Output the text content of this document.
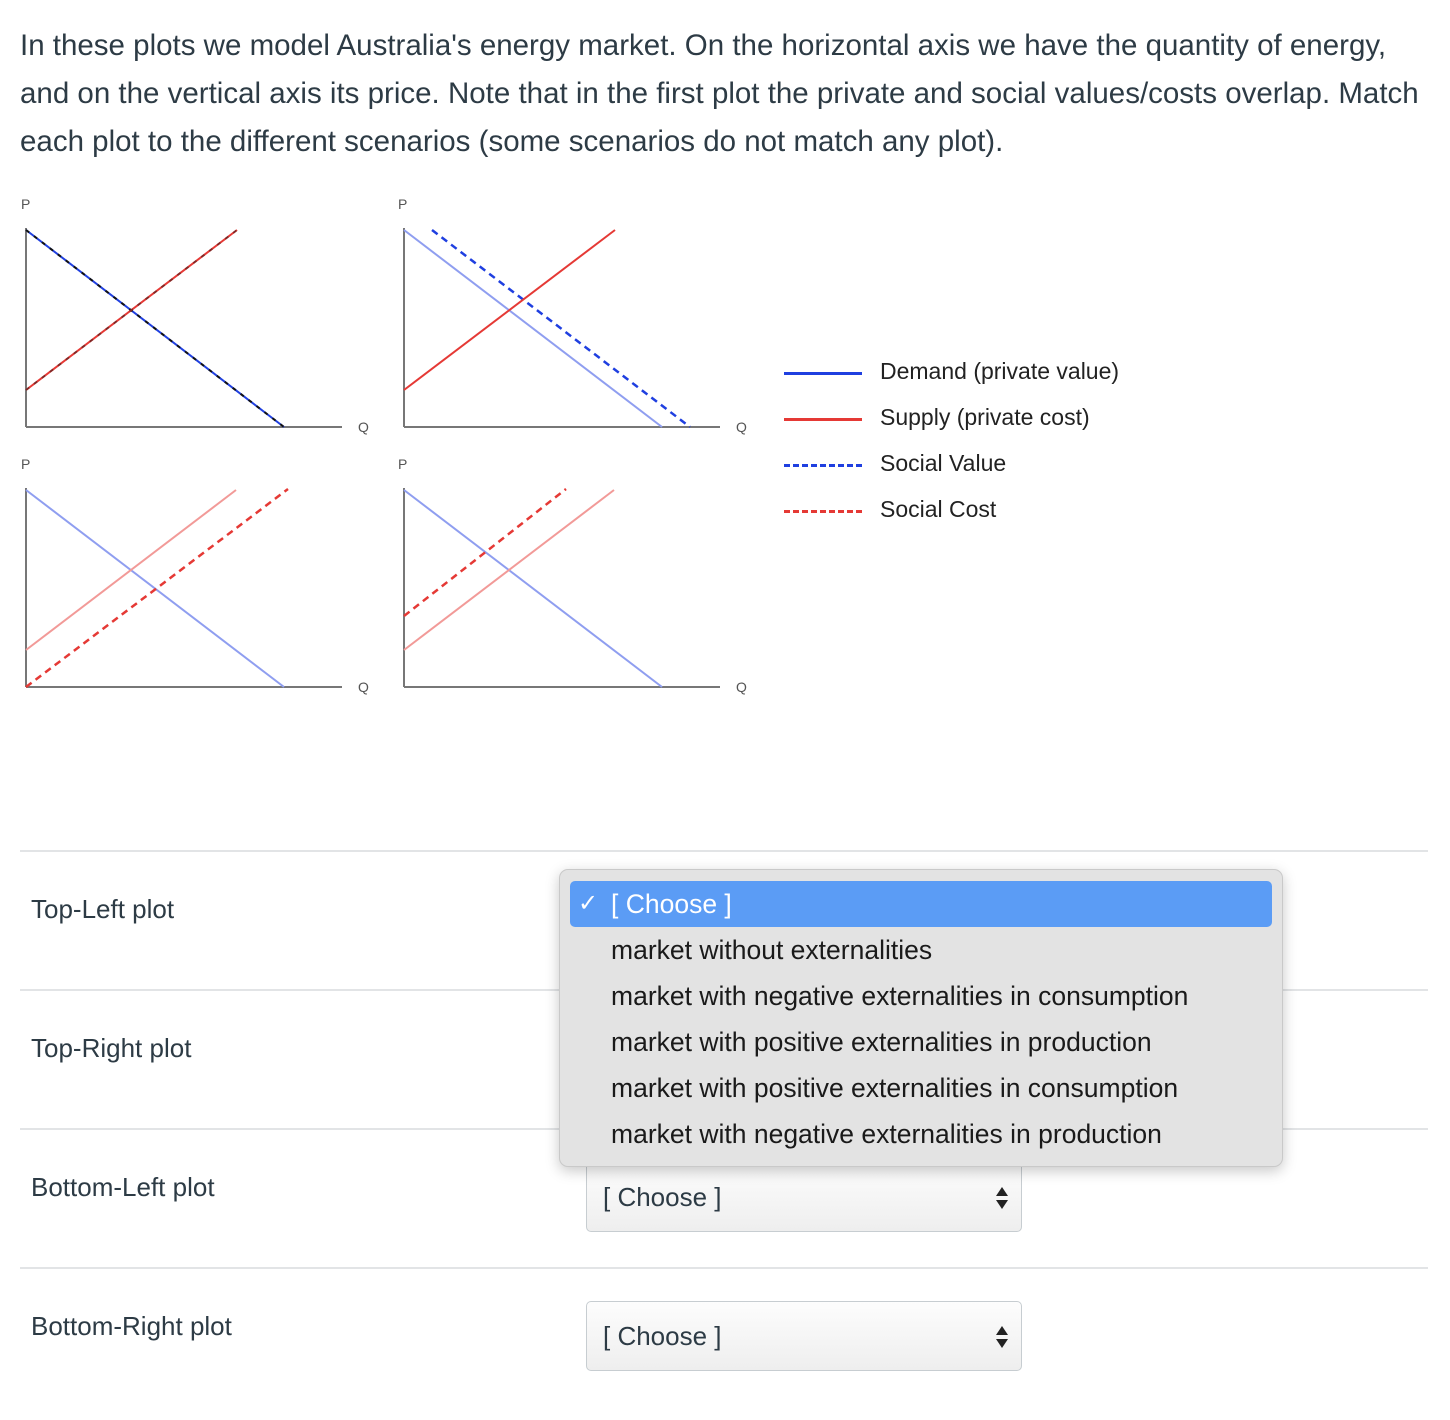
In these plots we model Australia's energy market. On the horizontal axis we have the quantity of energy, and on the vertical axis its price. Note that in the first plot the private and social values/costs overlap. Match each plot to the different scenarios (some scenarios do not match any plot).

P
Q
P
Q
P
Q
P
Q
Demand (private value)
Supply (private cost)
Social Value
Social Cost
Top-Left plot
Top-Right plot
Bottom-Left plot	[ Choose ]
Bottom-Right plot	[ Choose ]
✓ [ Choose ]
market without externalities
market with negative externalities in consumption
market with positive externalities in production
market with positive externalities in consumption
market with negative externalities in production
